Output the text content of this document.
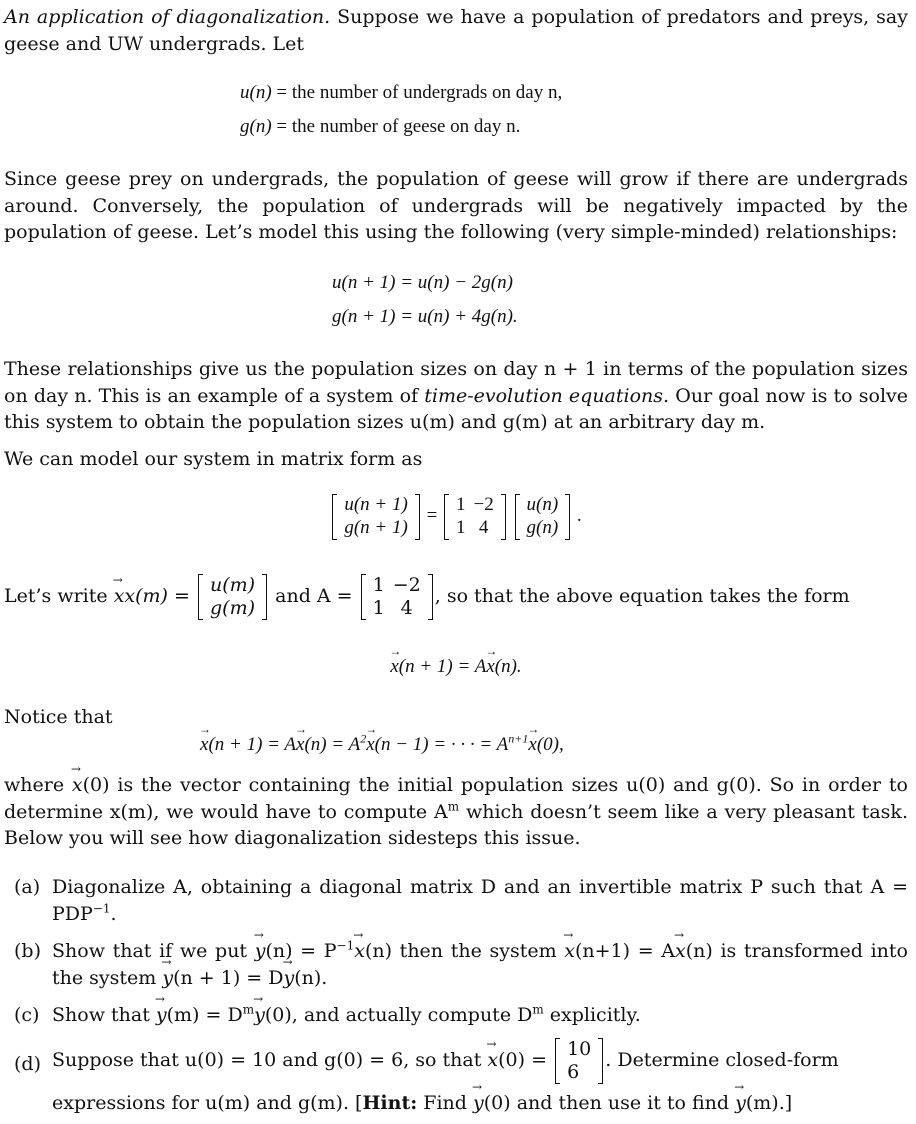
An application of diagonalization. Suppose we have a population of predators and preys, say geese and UW undergrads. Let

u(n) = the number of undergrads on day n,
g(n) = the number of geese on day n.

Since geese prey on undergrads, the population of geese will grow if there are undergrads around. Conversely, the population of undergrads will be negatively impacted by the population of geese. Let’s model this using the following (very simple-minded) relationships:

u(n + 1) = u(n) − 2g(n)
g(n + 1) = u(n) + 4g(n).

These relationships give us the population sizes on day n + 1 in terms of the population sizes on day n. This is an example of a system of time-evolution equations. Our goal now is to solve this system to obtain the population sizes u(m) and g(m) at an arbitrary day m.

We can model our system in matrix form as

u(n + 1)
g(n + 1)
=
1 −2
1 4

u(n)
g(n)
.
Let’s write → xx(m) = u(m)
g(m)
and A = 1 −2
1 4
, so that the above equation takes the form
→ x(n + 1) = A→ x(n).
Notice that
→ $x(n + 1) = A\to x(n) = A^2\to x(n - 1)$ = · · · = $A^{n+1}\to x(0)$,

where → x(0) is the vector containing the initial population sizes u(0) and g(0). So in order to determine x(m), we would have to compute $A^m$ which doesn’t seem like a very pleasant task. Below you will see how diagonalization sidesteps this issue.

(a) Diagonalize A, obtaining a diagonal matrix D and an invertible matrix P such that $A = PDP^{-1}$.
(b) Show that if we put → $y(n) = P^{-1}\to x(n)$ then the system → x(n+1) = A→ x(n) is transformed into the system → y(n + 1) = D→ y(n).
(c) Show that → $y(m) = D^m\to y(0)$, and actually compute $D^m$ explicitly.
(d) Suppose that u(0) = 10 and g(0) = 6, so that → x(0) = 10
6
. Determine closed-form
expressions for u(m) and g(m). [Hint: Find → y(0) and then use it to find → y(m).]
